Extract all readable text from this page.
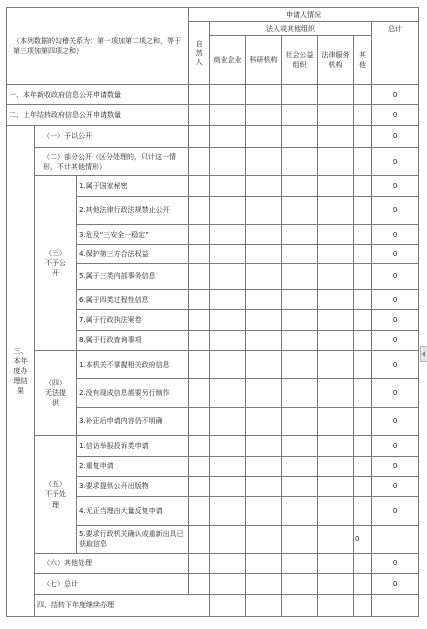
（本列数据的勾稽关系为：第一项加第二项之和，等于第三项加第四项之和）			申请人情况							
			自然人	法人或其他组织					总计	
				商业企业	科研机构	社会公益组织	法律服务机构	其他		
一、本年新收政府信息公开申请数量									0	
二、上年结转政府信息公开申请数量									0	
三、本年度办理结果	（一）予以公开								0	
	（二）部分公开（区分处理的，只计这一情形，不计其他情形）								0	
	（三）不予公开	1.属于国家秘密							0	
		2.其他法律行政法规禁止公开							0	
		3.危及“三安全一稳定”							0	
		4.保护第三方合法权益							0	
		5.属于三类内部事务信息							0	
		6.属于四类过程性信息							0	
		7.属于行政执法案卷							0	
		8.属于行政查询事项							0	
	（四）无法提供	1.本机关不掌握相关政府信息							0	
		2.没有现成信息需要另行制作							0	
		3.补正后申请内容仍不明确							0	
	（五）不予处理	1.信访举报投诉类申请							0	
		2.重复申请							0	
		3.要求提供公开出版物							0	
		4.无正当理由大量反复申请							0	
		5.要求行政机关确认或重新出具已获取信息						0		
	（六）其他处理								0	
	（七）总计								0	
	四、结转下年度继续办理							
